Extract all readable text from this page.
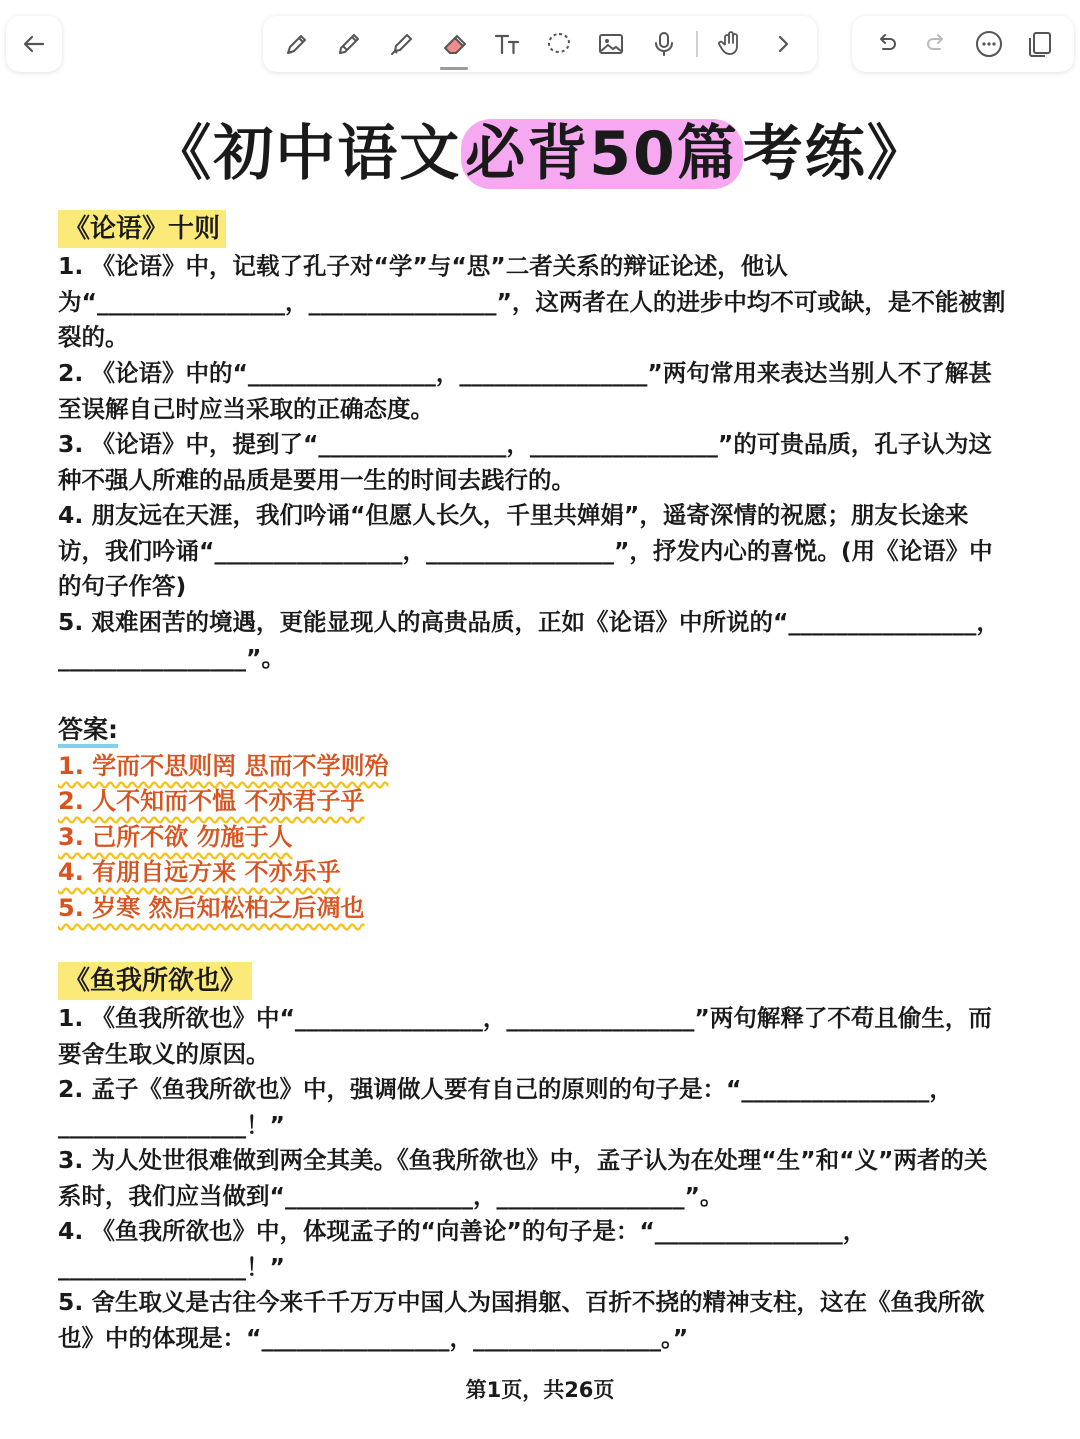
《初中语文必背50篇考练》
《论语》十则
1. 《论语》中，记载了孔子对“学”与“思”二者关系的辩证论述，他认为“________________，________________”，这两者在人的进步中均不可或缺，是不能被割裂的。
2. 《论语》中的“________________，________________”两句常用来表达当别人不了解甚至误解自己时应当采取的正确态度。
3. 《论语》中，提到了“________________，________________”的可贵品质，孔子认为这种不强人所难的品质是要用一生的时间去践行的。
4. 朋友远在天涯，我们吟诵“但愿人长久，千里共婵娟”，遥寄深情的祝愿；朋友长途来访，我们吟诵“________________，________________”，抒发内心的喜悦。(用《论语》中的句子作答)
5. 艰难困苦的境遇，更能显现人的高贵品质，正如《论语》中所说的“________________，________________”。
答案:
1. 学而不思则罔 思而不学则殆
2. 人不知而不愠 不亦君子乎
3. 己所不欲 勿施于人
4. 有朋自远方来 不亦乐乎
5. 岁寒 然后知松柏之后凋也
《鱼我所欲也》
1. 《鱼我所欲也》中“________________，________________”两句解释了不苟且偷生，而要舍生取义的原因。
2. 孟子《鱼我所欲也》中，强调做人要有自己的原则的句子是：“________________，________________！”
3. 为人处世很难做到两全其美。《鱼我所欲也》中，孟子认为在处理“生”和“义”两者的关系时，我们应当做到“________________，________________”。
4. 《鱼我所欲也》中，体现孟子的“向善论”的句子是：“________________，________________！”
5. 舍生取义是古往今来千千万万中国人为国捐躯、百折不挠的精神支柱，这在《鱼我所欲也》中的体现是：“________________，________________。”
第1页，共26页
